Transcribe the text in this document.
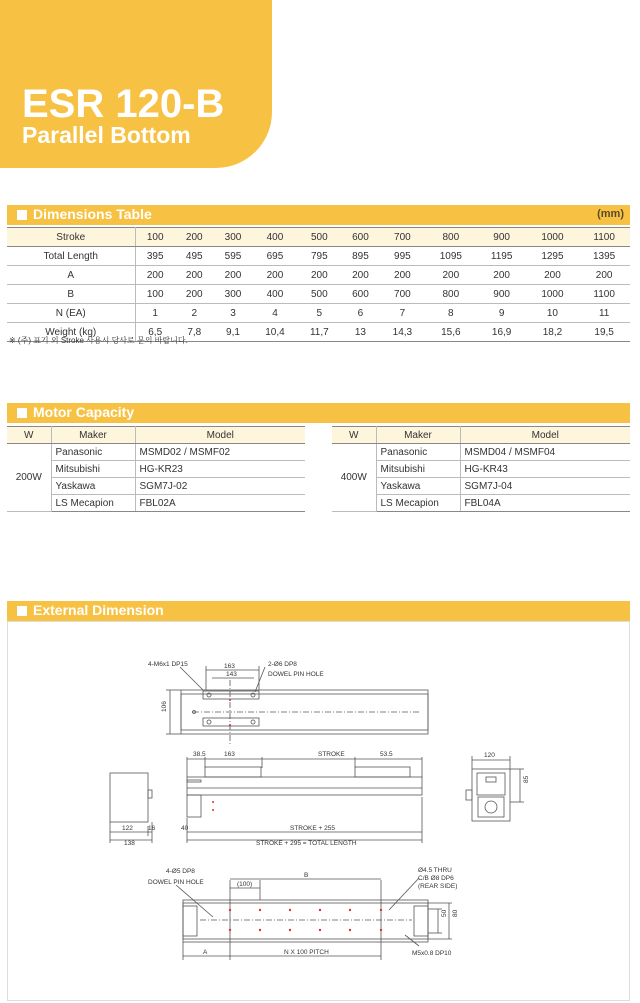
ESR 120-B
Parallel Bottom
Dimensions Table	(mm)
Stroke	100	200	300	400	500	600	700	800	900	1000	1100
Total Length	395	495	595	695	795	895	995	1095	1195	1295	1395
A	200	200	200	200	200	200	200	200	200	200	200
B	100	200	300	400	500	600	700	800	900	1000	1100
N (EA)	1	2	3	4	5	6	7	8	9	10	11
Weight (kg)	6,5	7,8	9,1	10,4	11,7	13	14,3	15,6	16,9	18,2	19,5
※ (주) 표기 외 Stroke 사용시 당사로 문의 바랍니다.
Motor Capacity
W	Maker	Model
200W	Panasonic	MSMD02 / MSMF02
	Mitsubishi	HG-KR23
	Yaskawa	SGM7J-02
	LS Mecapion	FBL02A
W	Maker	Model
400W	Panasonic	MSMD04 / MSMF04
	Mitsubishi	HG-KR43
	Yaskawa	SGM7J-04
	LS Mecapion	FBL04A
External Dimension
4-M6x1 DP15	163
143
2-Ø6 DP8
DOWEL PIN HOLE
106
38.5	163	STROKE	53.5
40	STROKE + 255
STROKE + 295 = TOTAL LENGTH
122 16
138
120
85
4-Ø5 DP8
DOWEL PIN HOLE	(100)
B
Ø4.5 THRU
C/B Ø8 DP6
(REAR SIDE)
50 80
A	N X 100 PITCH	M5x0.8 DP10
